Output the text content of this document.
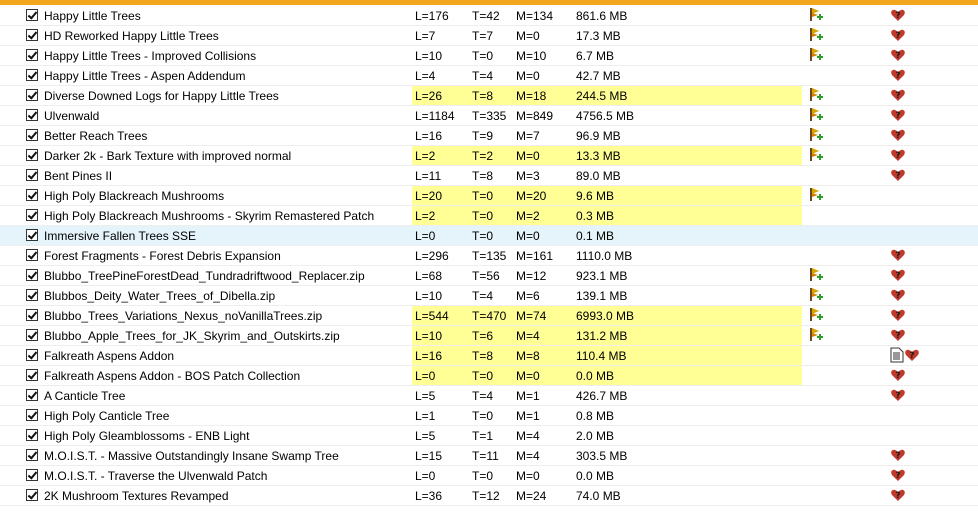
Happy Little Trees	L=176 T=42 M=134 861.6 MB	?
HD Reworked Happy Little Trees	L=7	T=7 M=0	17.3 MB	?
Happy Little Trees - Improved Collisions	L=10 T=0 M=10 6.7 MB	?
Happy Little Trees - Aspen Addendum	L=4	T=4 M=0	42.7 MB	?
Diverse Downed Logs for Happy Little Trees	L=26 T=8 M=18 244.5 MB	?
Ulvenwald	L=1184 T=335 M=849 4756.5 MB	?
Better Reach Trees	L=16 T=9 M=7	96.9 MB	?
Darker 2k - Bark Texture with improved normal	L=2	T=2 M=0	13.3 MB	?
Bent Pines II	L=11	T=8 M=3	89.0 MB	?
High Poly Blackreach Mushrooms	L=20 T=0 M=20 9.6 MB
High Poly Blackreach Mushrooms - Skyrim Remastered Patch	L=2	T=0 M=2	0.3 MB
Immersive Fallen Trees SSE	L=0	T=0 M=0	0.1 MB
Forest Fragments - Forest Debris Expansion	L=296 T=135 M=161 1110.0 MB	?
Blubbo_TreePineForestDead_Tundradriftwood_Replacer.zip	L=68 T=56 M=12 923.1 MB	?
Blubbos_Deity_Water_Trees_of_Dibella.zip	L=10 T=4 M=6	139.1 MB	?
Blubbo_Trees_Variations_Nexus_noVanillaTrees.zip	L=544 T=470 M=74 6993.0 MB	?
Blubbo_Apple_Trees_for_JK_Skyrim_and_Outskirts.zip	L=10 T=6 M=4	131.2 MB	?
Falkreath Aspens Addon	L=16 T=8 M=8	110.4 MB	?
Falkreath Aspens Addon - BOS Patch Collection	L=0	T=0 M=0	0.0 MB	?
A Canticle Tree	L=5	T=4 M=1	426.7 MB	?
High Poly Canticle Tree	L=1	T=0 M=1	0.8 MB
High Poly Gleamblossoms - ENB Light	L=5	T=1 M=4	2.0 MB
M.O.I.S.T. - Massive Outstandingly Insane Swamp Tree	L=15 T=11 M=4	303.5 MB	?
M.O.I.S.T. - Traverse the Ulvenwald Patch	L=0	T=0 M=0	0.0 MB	?
2K Mushroom Textures Revamped	L=36 T=12 M=24 74.0 MB	?
